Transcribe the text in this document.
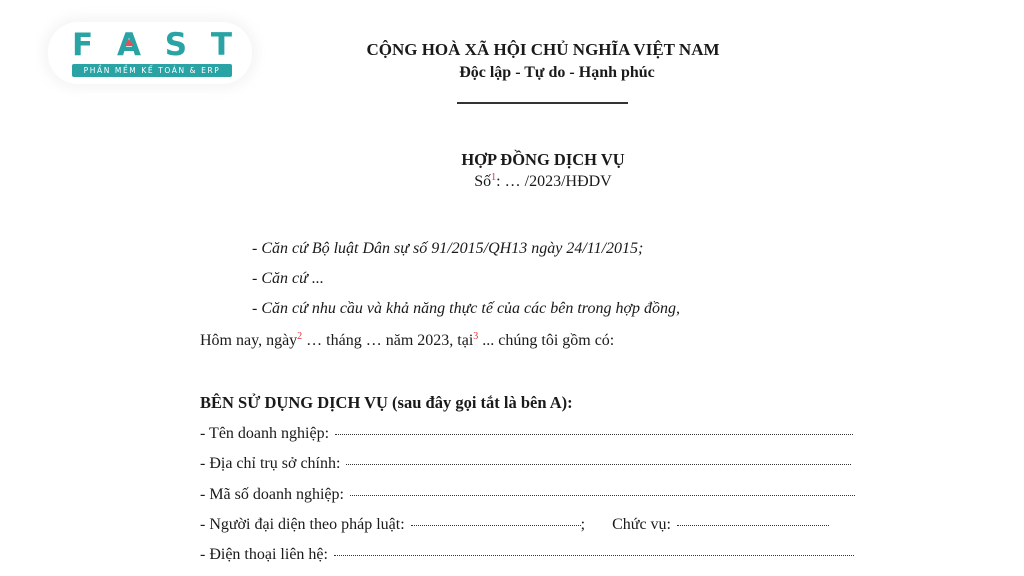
F A S T
PHẦN MỀM KẾ TOÁN & ERP
CỘNG HOÀ XÃ HỘI CHỦ NGHĨA VIỆT NAM
Độc lập - Tự do - Hạnh phúc
HỢP ĐỒNG DỊCH VỤ
Số$^1$: … /2023/HĐDV
- Căn cứ Bộ luật Dân sự số 91/2015/QH13 ngày 24/11/2015;
- Căn cứ ...
- Căn cứ nhu cầu và khả năng thực tế của các bên trong hợp đồng,
Hôm nay, ngày$^2$ … tháng … năm 2023, tại$^3$ ... chúng tôi gồm có:
BÊN SỬ DỤNG DỊCH VỤ (sau đây gọi tắt là bên A):
- Tên doanh nghiệp:
- Địa chỉ trụ sở chính:
- Mã số doanh nghiệp:
- Người đại diện theo pháp luật:	; Chức vụ:
- Điện thoại liên hệ:
